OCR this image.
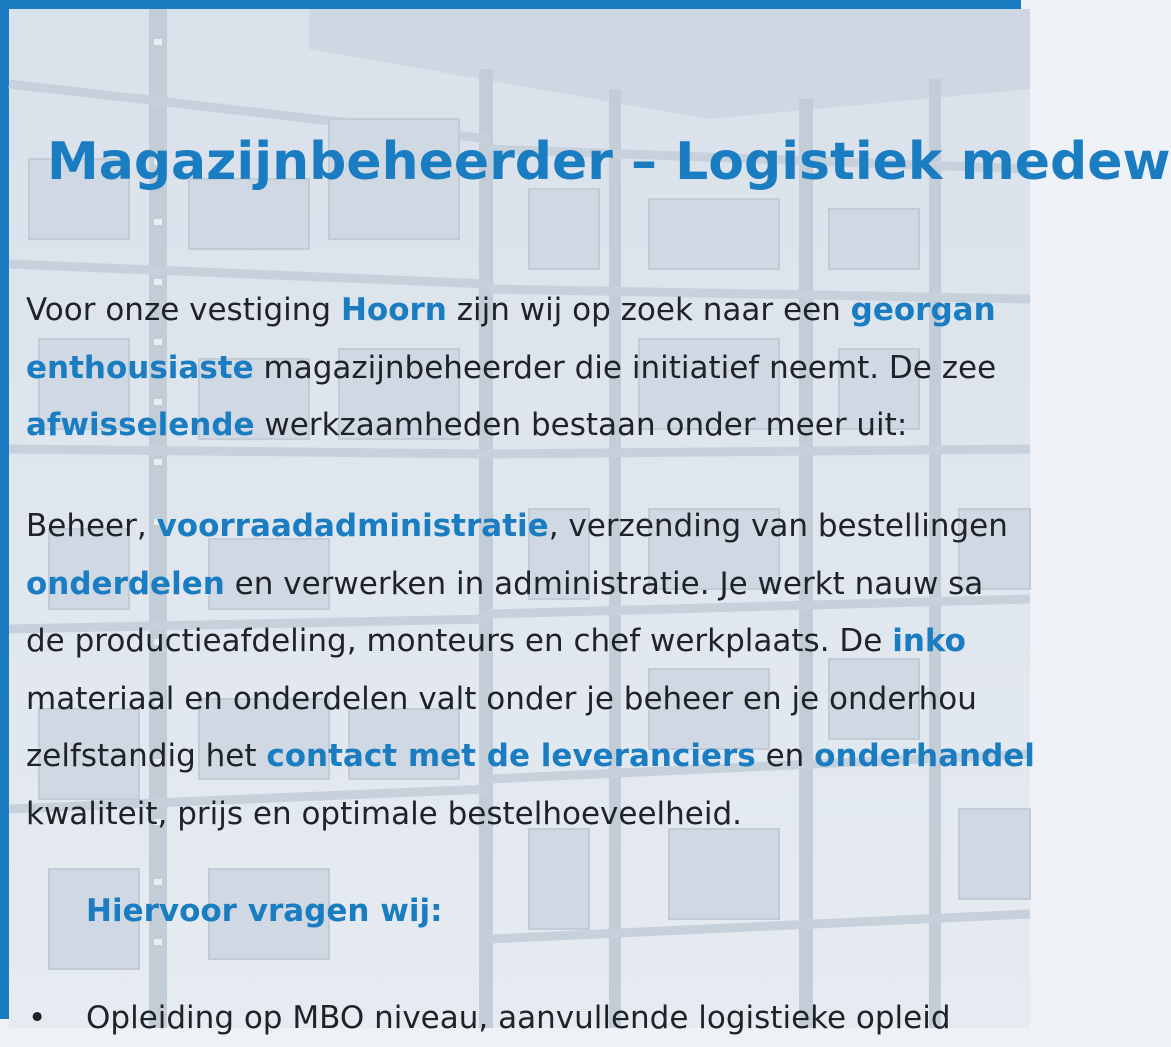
Magazijnbeheerder – Logistiek medew
Voor onze vestiging Hoorn zijn wij op zoek naar een georgan
enthousiaste magazijnbeheerder die initiatief neemt. De zee
afwisselende werkzaamheden bestaan onder meer uit:
Beheer, voorraadadministratie, verzending van bestellingen
onderdelen en verwerken in administratie. Je werkt nauw sa
de productieafdeling, monteurs en chef werkplaats. De inko
materiaal en onderdelen valt onder je beheer en je onderhou
zelfstandig het contact met de leveranciers en onderhandel
kwaliteit, prijs en optimale bestelhoeveelheid.
Hiervoor vragen wij:
• Opleiding op MBO niveau, aanvullende logistieke opleid
